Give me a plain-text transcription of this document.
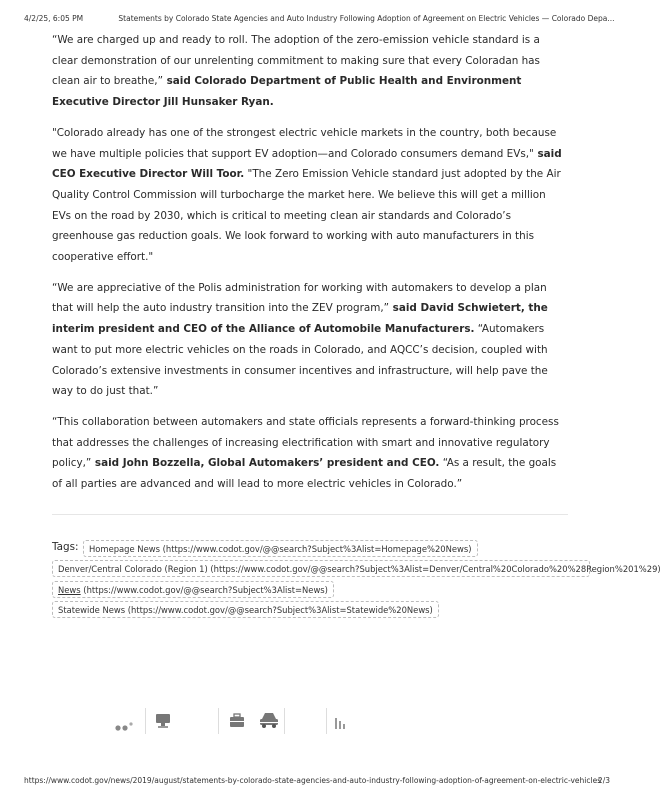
4/2/25, 6:05 PM	Statements by Colorado State Agencies and Auto Industry Following Adoption of Agreement on Electric Vehicles — Colorado Depa...

“We are charged up and ready to roll. The adoption of the zero-emission vehicle standard is a clear demonstration of our unrelenting commitment to making sure that every Coloradan has clean air to breathe,” said Colorado Department of Public Health and Environment Executive Director Jill Hunsaker Ryan.

"Colorado already has one of the strongest electric vehicle markets in the country, both because we have multiple policies that support EV adoption—and Colorado consumers demand EVs," said CEO Executive Director Will Toor. "The Zero Emission Vehicle standard just adopted by the Air Quality Control Commission will turbocharge the market here. We believe this will get a million EVs on the road by 2030, which is critical to meeting clean air standards and Colorado’s greenhouse gas reduction goals. We look forward to working with auto manufacturers in this cooperative effort."

“We are appreciative of the Polis administration for working with automakers to develop a plan that will help the auto industry transition into the ZEV program,” said David Schwietert, the interim president and CEO of the Alliance of Automobile Manufacturers. “Automakers want to put more electric vehicles on the roads in Colorado, and AQCC’s decision, coupled with Colorado’s extensive investments in consumer incentives and infrastructure, will help pave the way to do just that.”

“This collaboration between automakers and state officials represents a forward-thinking process that addresses the challenges of increasing electrification with smart and innovative regulatory policy,” said John Bozzella, Global Automakers’ president and CEO. “As a result, the goals of all parties are advanced and will lead to more electric vehicles in Colorado.”

Tags:	Homepage News (https://www.codot.gov/@@search?Subject%3Alist=Homepage%20News)
Denver/Central Colorado (Region 1) (https://www.codot.gov/@@search?Subject%3Alist=Denver/Central%20Colorado%20%28Region%201%29)
News (https://www.codot.gov/@@search?Subject%3Alist=News)
Statewide News (https://www.codot.gov/@@search?Subject%3Alist=Statewide%20News)
https://www.codot.gov/news/2019/august/statements-by-colorado-state-agencies-and-auto-industry-following-adoption-of-agreement-on-electric-vehicles
2/3
